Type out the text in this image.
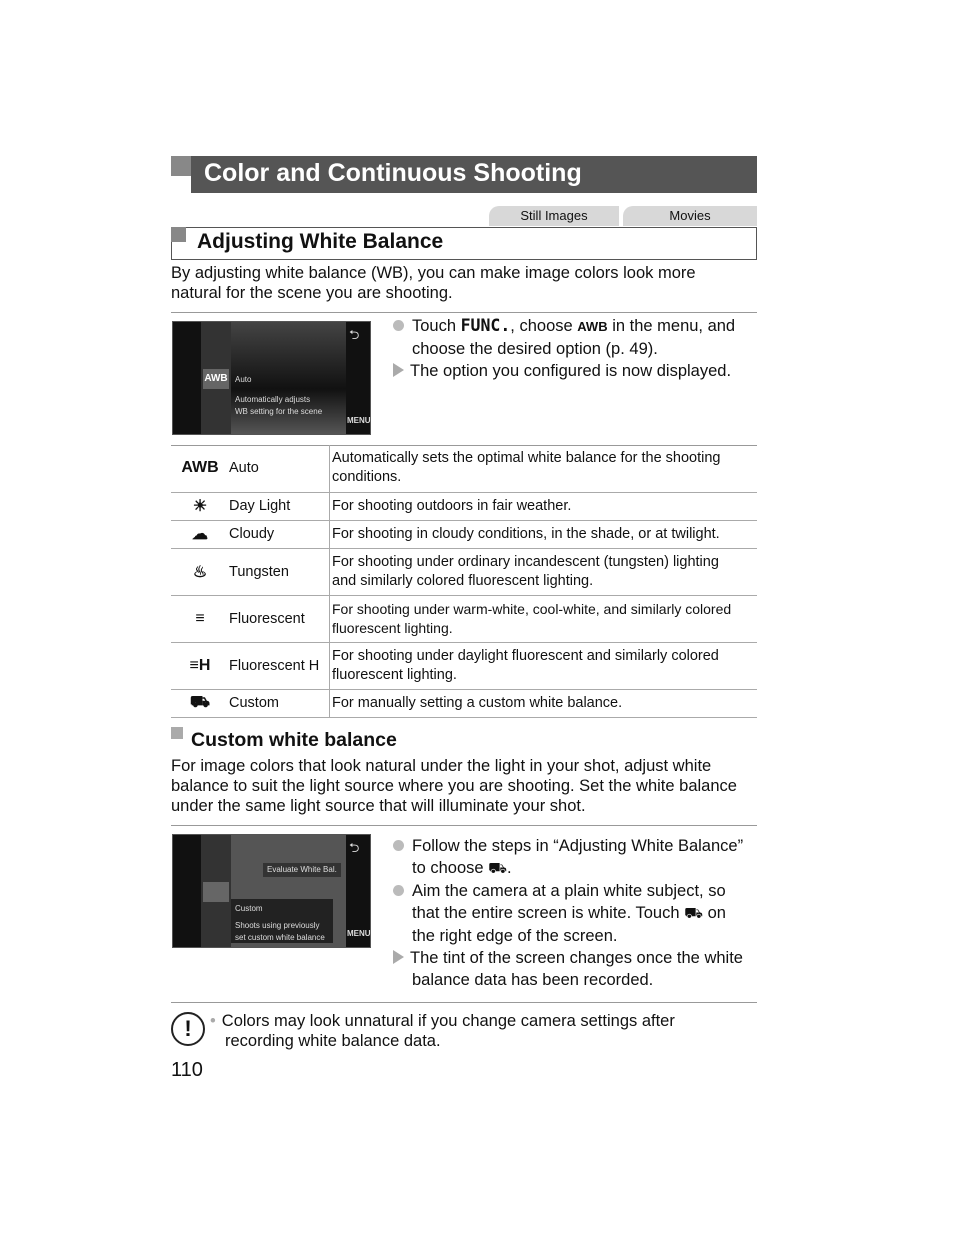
Color and Continuous Shooting
Still Images	Movies
Adjusting White Balance
By adjusting white balance (WB), you can make image colors look more
natural for the scene you are shooting.
AWB Auto
Automatically adjusts
WB setting for the scene
⮌
MENU
Touch FUNC., choose AWB in the menu, and
choose the desired option (p. 49).
The option you configured is now displayed.
AWB	Auto	Automatically sets the optimal white balance for the shooting
conditions.

☀	Day Light	For shooting outdoors in fair weather.

☁	Cloudy	For shooting in cloudy conditions, in the shade, or at twilight.

♨	Tungsten	For shooting under ordinary incandescent (tungsten) lighting
and similarly colored fluorescent lighting.

≡	Fluorescent	For shooting under warm-white, cool-white, and similarly colored
fluorescent lighting.

≡H	Fluorescent H	For shooting under daylight fluorescent and similarly colored
fluorescent lighting.

⛟	Custom	For manually setting a custom white balance.
Custom white balance
For image colors that look natural under the light in your shot, adjust white
balance to suit the light source where you are shooting. Set the white balance
under the same light source that will illuminate your shot.
Evaluate White Bal.
Custom
Shoots using previously
set custom white balance
⮌
MENU
Follow the steps in “Adjusting White Balance”
to choose ⛟.
Aim the camera at a plain white subject, so
that the entire screen is white. Touch ⛟ on
the right edge of the screen.
The tint of the screen changes once the white
balance data has been recorded.
!	• Colors may look unnatural if you change camera settings after
recording white balance data.
110
